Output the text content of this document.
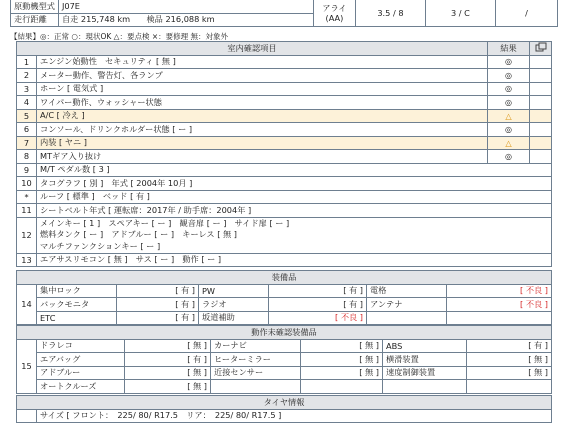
原動機型式	J07E	アライ
(AA)	3.5 / 8	3 / C	/
走行距離	自走 215,748 km　　検品 216,088 km				
【結果】◎：正常 ○：現状OK △：要点検 ×：要修理 無：対象外
室内確認項目		結果	
1	エンジン始動性　セキュリティ [ 無 ]	◎	
2	メーター動作、警告灯、各ランプ	◎	
3	ホーン [ 電気式 ]	◎	
4	ワイパー動作、ウォッシャー状態	◎	
5	A/C [ 冷え ]	△	
6	コンソール、ドリンクホルダー状態 [ ー ]	◎	
7	内装 [ ヤニ ]	△	
8	MTギア入り抜け	◎	
9	M/T ペダル数 [ 3 ]		
10	タコグラフ [ 別 ]　年式 [ 2004年 10月 ]		
*	ルーフ [ 標準 ]　ベッド [ 有 ]		
11	シートベルト年式 [ 運転席：2017年 / 助手席：2004年 ]		
12	メインキー [ 1 ]　スペアキー [ ー ]　観音扉 [ ー ]　サイド扉 [ ー ]
燃料タンク [ ー ]　アドブルー [ ー ]　キーレス [ 無 ]
マルチファンクションキー [ ー ]		

13	エアサスリモコン [ 無 ]　サス [ ー ]　動作 [ ー ]		
装備品						
14	集中ロック	[ 有 ]	PW	[ 有 ]	電格	[ 不良 ]
	バックモニタ	[ 有 ]	ラジオ	[ 有 ]	アンテナ	[ 不良 ]
	ETC	[ 有 ]	坂道補助	[ 不良 ]		
動作未確認装備品						
15	ドラレコ	[ 無 ]	カーナビ	[ 無 ]	ABS	[ 有 ]
	エアバッグ	[ 有 ]	ヒーターミラー	[ 無 ]	横滑装置	[ 無 ]
	アドブルー	[ 無 ]	近接センサー	[ 無 ]	速度制御装置	[ 無 ]
	オートクルーズ	[ 無 ]				
タイヤ情報
	サイズ [ フロント：　225/ 80/ R17.5　リア：　225/ 80/ R17.5 ]
